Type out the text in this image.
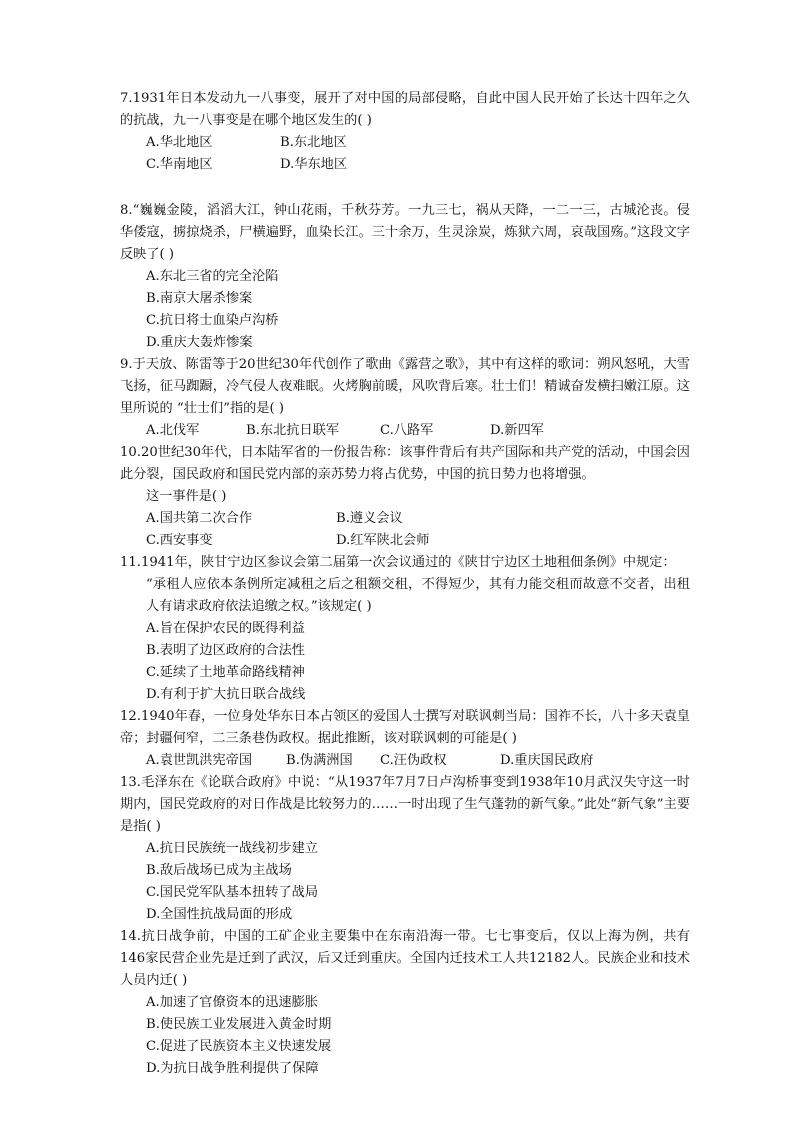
7.1931年日本发动九一八事变，展开了对中国的局部侵略，自此中国人民开始了长达十四年之久的抗战，九一八事变是在哪个地区发生的( )
A.华北地区	B.东北地区
C.华南地区	D.华东地区
8.“巍巍金陵，滔滔大江，钟山花雨，千秋芬芳。一九三七，祸从天降，一二一三，古城沦丧。侵华倭寇，掳掠烧杀，尸横遍野，血染长江。三十余万，生灵涂炭，炼狱六周，哀哉国殇。”这段文字反映了( )
A.东北三省的完全沦陷
B.南京大屠杀惨案
C.抗日将士血染卢沟桥
D.重庆大轰炸惨案
9.于天放、陈雷等于20世纪30年代创作了歌曲《露营之歌》，其中有这样的歌词：朔风怒吼，大雪飞扬，征马踟蹰，冷气侵人夜难眠。火烤胸前暖，风吹背后寒。壮士们！精诚奋发横扫嫩江原。这里所说的 “壮士们”指的是( )
A.北伐军	B.东北抗日联军	C.八路军	D.新四军
10.20世纪30年代，日本陆军省的一份报告称：该事件背后有共产国际和共产党的活动，中国会因此分裂，国民政府和国民党内部的亲苏势力将占优势，中国的抗日势力也将增强。
这一事件是( )
A.国共第二次合作	B.遵义会议
C.西安事变	D.红军陕北会师
11.1941年，陕甘宁边区参议会第二届第一次会议通过的《陕甘宁边区土地租佃条例》中规定：
“承租人应依本条例所定减租之后之租额交租，不得短少，其有力能交租而故意不交者，出租人有请求政府依法追缴之权。”该规定( )
A.旨在保护农民的既得利益
B.表明了边区政府的合法性
C.延续了土地革命路线精神
D.有利于扩大抗日联合战线
12.1940年春，一位身处华东日本占领区的爱国人士撰写对联讽刺当局：国祚不长，八十多天袁皇帝；封疆何窄，二三条巷伪政权。据此推断，该对联讽刺的可能是( )
A.袁世凯洪宪帝国	B.伪满洲国	C.汪伪政权	D.重庆国民政府
13.毛泽东在《论联合政府》中说：“从1937年7月7日卢沟桥事变到1938年10月武汉失守这一时期内，国民党政府的对日作战是比较努力的……一时出现了生气蓬勃的新气象。”此处“新气象”主要是指( )
A.抗日民族统一战线初步建立
B.敌后战场已成为主战场
C.国民党军队基本扭转了战局
D.全国性抗战局面的形成
14.抗日战争前，中国的工矿企业主要集中在东南沿海一带。七七事变后，仅以上海为例，共有146家民营企业先是迁到了武汉，后又迁到重庆。全国内迁技术工人共12182人。民族企业和技术人员内迁( )
A.加速了官僚资本的迅速膨胀
B.使民族工业发展进入黄金时期
C.促进了民族资本主义快速发展
D.为抗日战争胜利提供了保障
